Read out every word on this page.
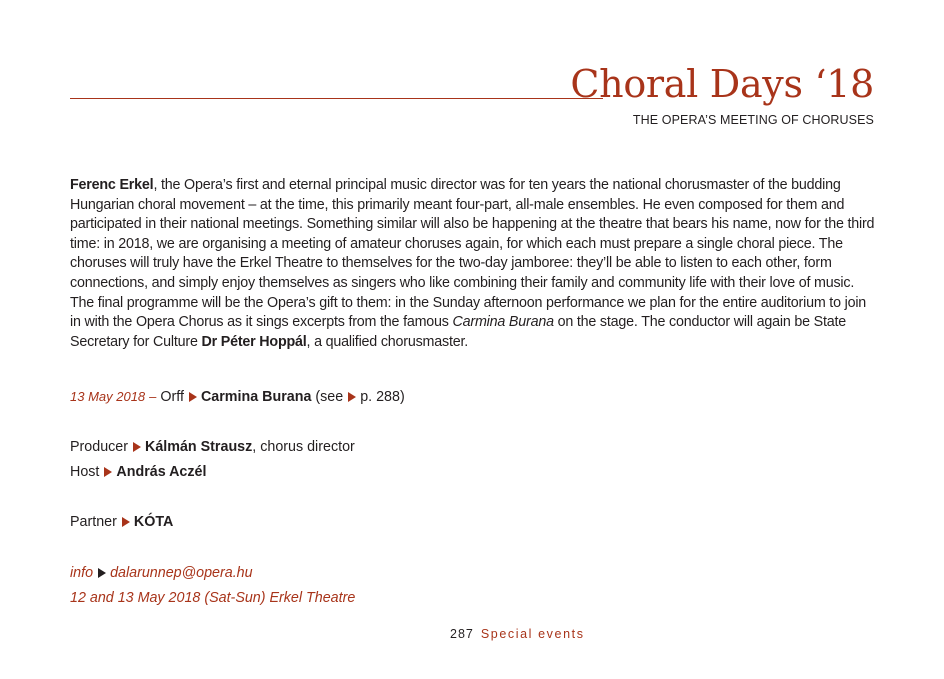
Choral Days ‘18
THE OPERA’S MEETING OF CHORUSES

Ferenc Erkel, the Opera’s first and eternal principal music director was for ten years the national chorusmaster of the budding Hungarian choral movement – at the time, this primarily meant four-part, all-male ensembles. He even composed for them and participated in their national meetings. Something similar will also be happening at the theatre that bears his name, now for the third time: in 2018, we are organising a meeting of amateur choruses again, for which each must prepare a single choral piece. The choruses will truly have the Erkel Theatre to themselves for the two-day jamboree: they’ll be able to listen to each other, form connections, and simply enjoy themselves as singers who like combining their family and community life with their love of music. The final programme will be the Opera’s gift to them: in the Sunday afternoon performance we plan for the entire auditorium to join in with the Opera Chorus as it sings excerpts from the famous Carmina Burana on the stage. The conductor will again be State Secretary for Culture Dr Péter Hoppál, a qualified chorusmaster.

13 May 2018 – Orff Carmina Burana (see p. 288)
Producer Kálmán Strausz, chorus director
Host András Aczél
Partner KÓTA
info dalarunnep@opera.hu
12 and 13 May 2018 (Sat-Sun) Erkel Theatre
287 Special events
